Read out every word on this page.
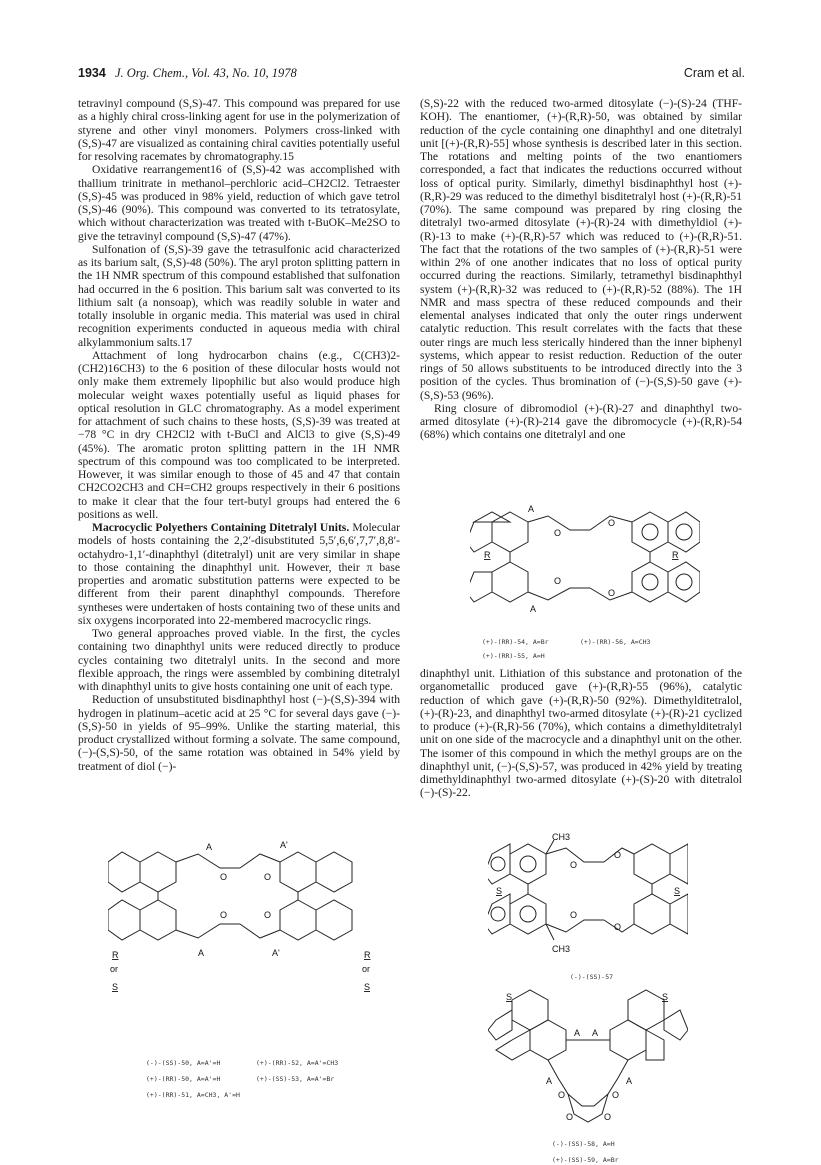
1934 J. Org. Chem., Vol. 43, No. 10, 1978	Cram et al.

tetravinyl compound (S,S)-47. This compound was prepared for use as a highly chiral cross-linking agent for use in the polymerization of styrene and other vinyl monomers. Polymers cross-linked with (S,S)-47 are visualized as containing chiral cavities potentially useful for resolving racemates by chromatography.15

Oxidative rearrangement16 of (S,S)-42 was accomplished with thallium trinitrate in methanol–perchloric acid–CH2Cl2. Tetraester (S,S)-45 was produced in 98% yield, reduction of which gave tetrol (S,S)-46 (90%). This compound was converted to its tetratosylate, which without characterization was treated with t-BuOK–Me2SO to give the tetravinyl compound (S,S)-47 (47%).

Sulfonation of (S,S)-39 gave the tetrasulfonic acid characterized as its barium salt, (S,S)-48 (50%). The aryl proton splitting pattern in the 1H NMR spectrum of this compound established that sulfonation had occurred in the 6 position. This barium salt was converted to its lithium salt (a nonsoap), which was readily soluble in water and totally insoluble in organic media. This material was used in chiral recognition experiments conducted in aqueous media with chiral alkylammonium salts.17

Attachment of long hydrocarbon chains (e.g., C(CH3)2-(CH2)16CH3) to the 6 position of these dilocular hosts would not only make them extremely lipophilic but also would produce high molecular weight waxes potentially useful as liquid phases for optical resolution in GLC chromatography. As a model experiment for attachment of such chains to these hosts, (S,S)-39 was treated at −78 °C in dry CH2Cl2 with t-BuCl and AlCl3 to give (S,S)-49 (45%). The aromatic proton splitting pattern in the 1H NMR spectrum of this compound was too complicated to be interpreted. However, it was similar enough to those of 45 and 47 that contain CH2CO2CH3 and CH=CH2 groups respectively in their 6 positions to make it clear that the four tert-butyl groups had entered the 6 positions as well.

Macrocyclic Polyethers Containing Ditetralyl Units. Molecular models of hosts containing the 2,2′-disubstituted 5,5′,6,6′,7,7′,8,8′-octahydro-1,1′-dinaphthyl (ditetralyl) unit are very similar in shape to those containing the dinaphthyl unit. However, their π base properties and aromatic substitution patterns were expected to be different from their parent dinaphthyl compounds. Therefore syntheses were undertaken of hosts containing two of these units and six oxygens incorporated into 22-membered macrocyclic rings.

Two general approaches proved viable. In the first, the cycles containing two dinaphthyl units were reduced directly to produce cycles containing two ditetralyl units. In the second and more flexible approach, the rings were assembled by combining ditetralyl with dinaphthyl units to give hosts containing one unit of each type.

Reduction of unsubstituted bisdinaphthyl host (−)-(S,S)-394 with hydrogen in platinum–acetic acid at 25 °C for several days gave (−)-(S,S)-50 in yields of 95–99%. Unlike the starting material, this product crystallized without forming a solvate. The same compound, (−)-(S,S)-50, of the same rotation was obtained in 54% yield by treatment of diol (−)-

(S,S)-22 with the reduced two-armed ditosylate (−)-(S)-24 (THF-KOH). The enantiomer, (+)-(R,R)-50, was obtained by similar reduction of the cycle containing one dinaphthyl and one ditetralyl unit [(+)-(R,R)-55] whose synthesis is described later in this section. The rotations and melting points of the two enantiomers corresponded, a fact that indicates the reductions occurred without loss of optical purity. Similarly, dimethyl bisdinaphthyl host (+)-(R,R)-29 was reduced to the dimethyl bisditetralyl host (+)-(R,R)-51 (70%). The same compound was prepared by ring closing the ditetralyl two-armed ditosylate (+)-(R)-24 with dimethyldiol (+)-(R)-13 to make (+)-(R,R)-57 which was reduced to (+)-(R,R)-51. The fact that the rotations of the two samples of (+)-(R,R)-51 were within 2% of one another indicates that no loss of optical purity occurred during the reactions. Similarly, tetramethyl bisdinaphthyl system (+)-(R,R)-32 was reduced to (+)-(R,R)-52 (88%). The 1H NMR and mass spectra of these reduced compounds and their elemental analyses indicated that only the outer rings underwent catalytic reduction. This result correlates with the facts that these outer rings are much less sterically hindered than the inner biphenyl systems, which appear to resist reduction. Reduction of the outer rings of 50 allows substituents to be introduced directly into the 3 position of the cycles. Thus bromination of (−)-(S,S)-50 gave (+)-(S,S)-53 (96%).

Ring closure of dibromodiol (+)-(R)-27 and dinaphthyl two-armed ditosylate (+)-(R)-214 gave the dibromocycle (+)-(R,R)-54 (68%) which contains one ditetralyl and one

A
A
O
O
O
O
R	R
(+)-(RR)-54, A=Br	(+)-(RR)-56, A=CH3
(+)-(RR)-55, A=H

dinaphthyl unit. Lithiation of this substance and protonation of the organometallic produced gave (+)-(R,R)-55 (96%), catalytic reduction of which gave (+)-(R,R)-50 (92%). Dimethylditetralol, (+)-(R)-23, and dinaphthyl two-armed ditosylate (+)-(R)-21 cyclized to produce (+)-(R,R)-56 (70%), which contains a dimethylditetralyl unit on one side of the macrocycle and a dinaphthyl unit on the other. The isomer of this compound in which the methyl groups are on the dinaphthyl unit, (−)-(S,S)-57, was produced in 42% yield by treating dimethyldinaphthyl two-armed ditosylate (+)-(S)-20 with ditetralol (−)-(S)-22.

CH3
CH3
O
O
O
O
S	S
(-)-(SS)-57
A	A'
A	A'
O	O
O	O
R
or
S
R
or
S
(-)-(SS)-50, A=A'=H
(+)-(RR)-50, A=A'=H
(+)-(RR)-51, A=CH3, A'=H
(+)-(RR)-52, A=A'=CH3
(+)-(SS)-53, A=A'=Br
S	S
A A
A	A
O	O
O	O
(-)-(SS)-58, A=H
(+)-(SS)-59, A=Br
